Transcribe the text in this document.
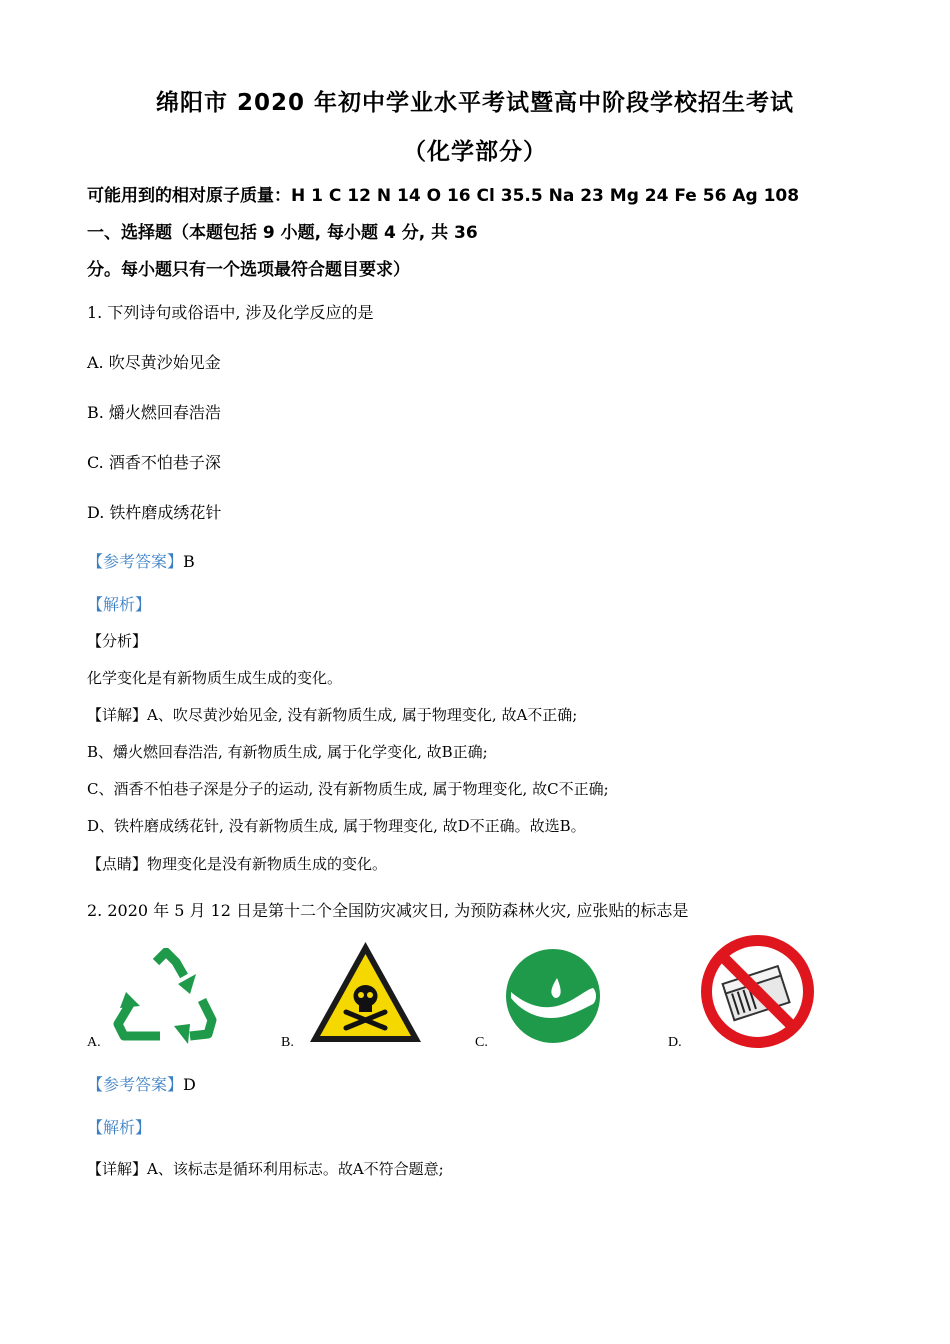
绵阳市 2020 年初中学业水平考试暨高中阶段学校招生考试
（化学部分）
可能用到的相对原子质量：H 1 C 12 N 14 O 16 Cl 35.5 Na 23 Mg 24 Fe 56 Ag 108
一、选择题（本题包括 9 小题, 每小题 4 分, 共 36
分。每小题只有一个选项最符合题目要求）
1. 下列诗句或俗语中, 涉及化学反应的是
A. 吹尽黄沙始见金
B. 爝火燃回春浩浩
C. 酒香不怕巷子深
D. 铁杵磨成绣花针
【参考答案】B
【解析】
【分析】
化学变化是有新物质生成生成的变化。
【详解】A、吹尽黄沙始见金, 没有新物质生成, 属于物理变化, 故A不正确;
B、爝火燃回春浩浩, 有新物质生成, 属于化学变化, 故B正确;
C、酒香不怕巷子深是分子的运动, 没有新物质生成, 属于物理变化, 故C不正确;
D、铁杵磨成绣花针, 没有新物质生成, 属于物理变化, 故D不正确。故选B。
【点睛】物理变化是没有新物质生成的变化。
2. 2020 年 5 月 12 日是第十二个全国防灾减灾日, 为预防森林火灾, 应张贴的标志是
A.	B.	C.	D.
【参考答案】D
【解析】
【详解】A、该标志是循环利用标志。故A不符合题意;
